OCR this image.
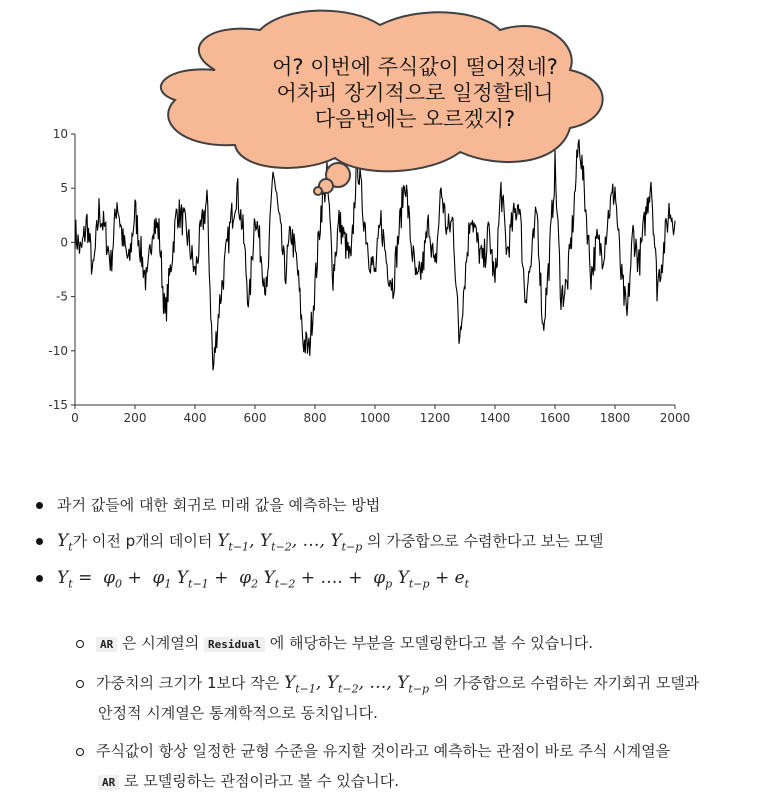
0	200	400	600	800	1000 1200 1400 1600 1800 2000
10
5
0
-5
-10
-15
어? 이번에 주식값이 떨어졌네?
어차피 장기적으로 일정할테니
다음번에는 오르겠지?
과거 값들에 대한 회귀로 미래 값을 예측하는 방법
$Y_t$가 이전 p개의 데이터 $Y_{t-1}$, $Y_{t-2}$, …, $Y_{t-p}$ 의 가중합으로 수렴한다고 보는 모델
$Y_t = \varphi_0 + \varphi_1$ $Y_{t-1} + \varphi_2$ $Y_{t-2}$ + …. +  $\varphi_p$ $Y_{t-p} + e_t$
AR 은 시계열의 Residual 에 해당하는 부분을 모델링한다고 볼 수 있습니다.
가중치의 크기가 1보다 작은 $Y_{t-1}$, $Y_{t-2}$, …, $Y_{t-p}$ 의 가중합으로 수렴하는 자기회귀 모델과
안정적 시계열은 통계학적으로 동치입니다.
주식값이 항상 일정한 균형 수준을 유지할 것이라고 예측하는 관점이 바로 주식 시계열을
AR 로 모델링하는 관점이라고 볼 수 있습니다.
